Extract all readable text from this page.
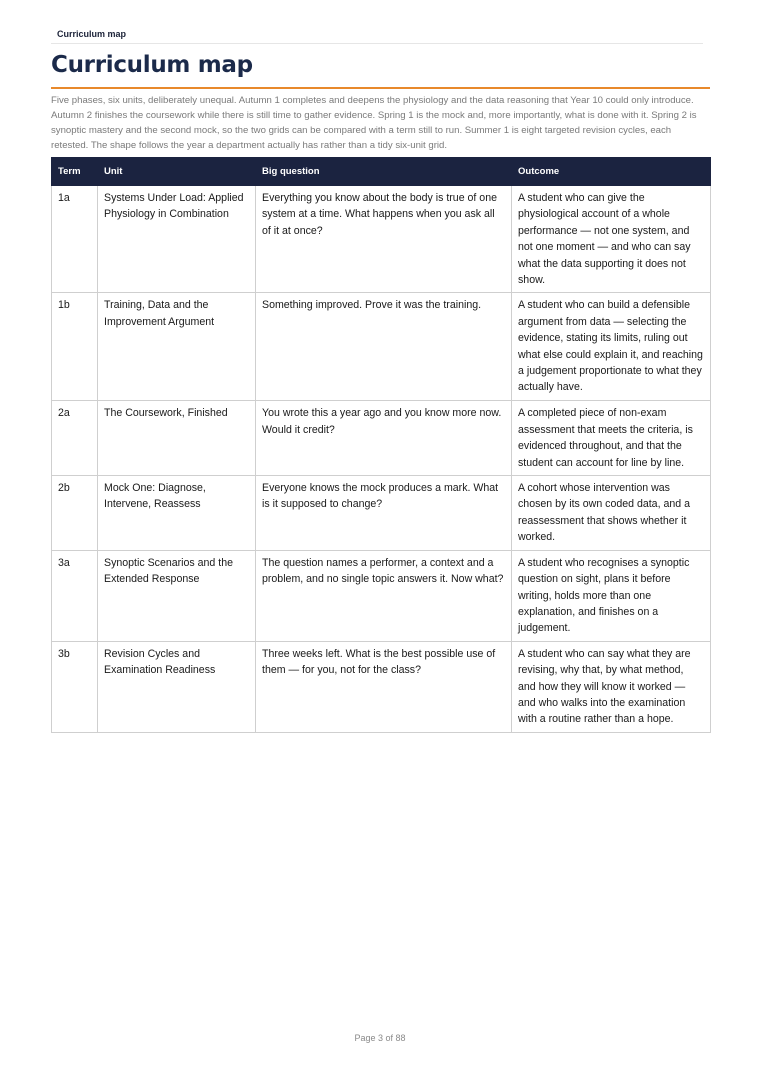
Curriculum map
Curriculum map

Five phases, six units, deliberately unequal. Autumn 1 completes and deepens the physiology and the data reasoning that Year 10 could only introduce. Autumn 2 finishes the coursework while there is still time to gather evidence. Spring 1 is the mock and, more importantly, what is done with it. Spring 2 is synoptic mastery and the second mock, so the two grids can be compared with a term still to run. Summer 1 is eight targeted revision cycles, each retested. The shape follows the year a department actually has rather than a tidy six-unit grid.

Term	Unit	Big question	Outcome
1a	Systems Under Load: Applied Physiology in Combination	Everything you know about the body is true of one system at a time. What happens when you ask all of it at once?	A student who can give the physiological account of a whole performance — not one system, and not one moment — and who can say what the data supporting it does not show.
1b	Training, Data and the Improvement Argument	Something improved. Prove it was the training.	A student who can build a defensible argument from data — selecting the evidence, stating its limits, ruling out what else could explain it, and reaching a judgement proportionate to what they actually have.
2a	The Coursework, Finished	You wrote this a year ago and you know more now. Would it credit?	A completed piece of non-exam assessment that meets the criteria, is evidenced throughout, and that the student can account for line by line.
2b	Mock One: Diagnose, Intervene, Reassess	Everyone knows the mock produces a mark. What is it supposed to change?	A cohort whose intervention was chosen by its own coded data, and a reassessment that shows whether it worked.
3a	Synoptic Scenarios and the Extended Response	The question names a performer, a context and a problem, and no single topic answers it. Now what?	A student who recognises a synoptic question on sight, plans it before writing, holds more than one explanation, and finishes on a judgement.
3b	Revision Cycles and Examination Readiness	Three weeks left. What is the best possible use of them — for you, not for the class?	A student who can say what they are revising, why that, by what method, and how they will know it worked — and who walks into the examination with a routine rather than a hope.
Page 3 of 88
